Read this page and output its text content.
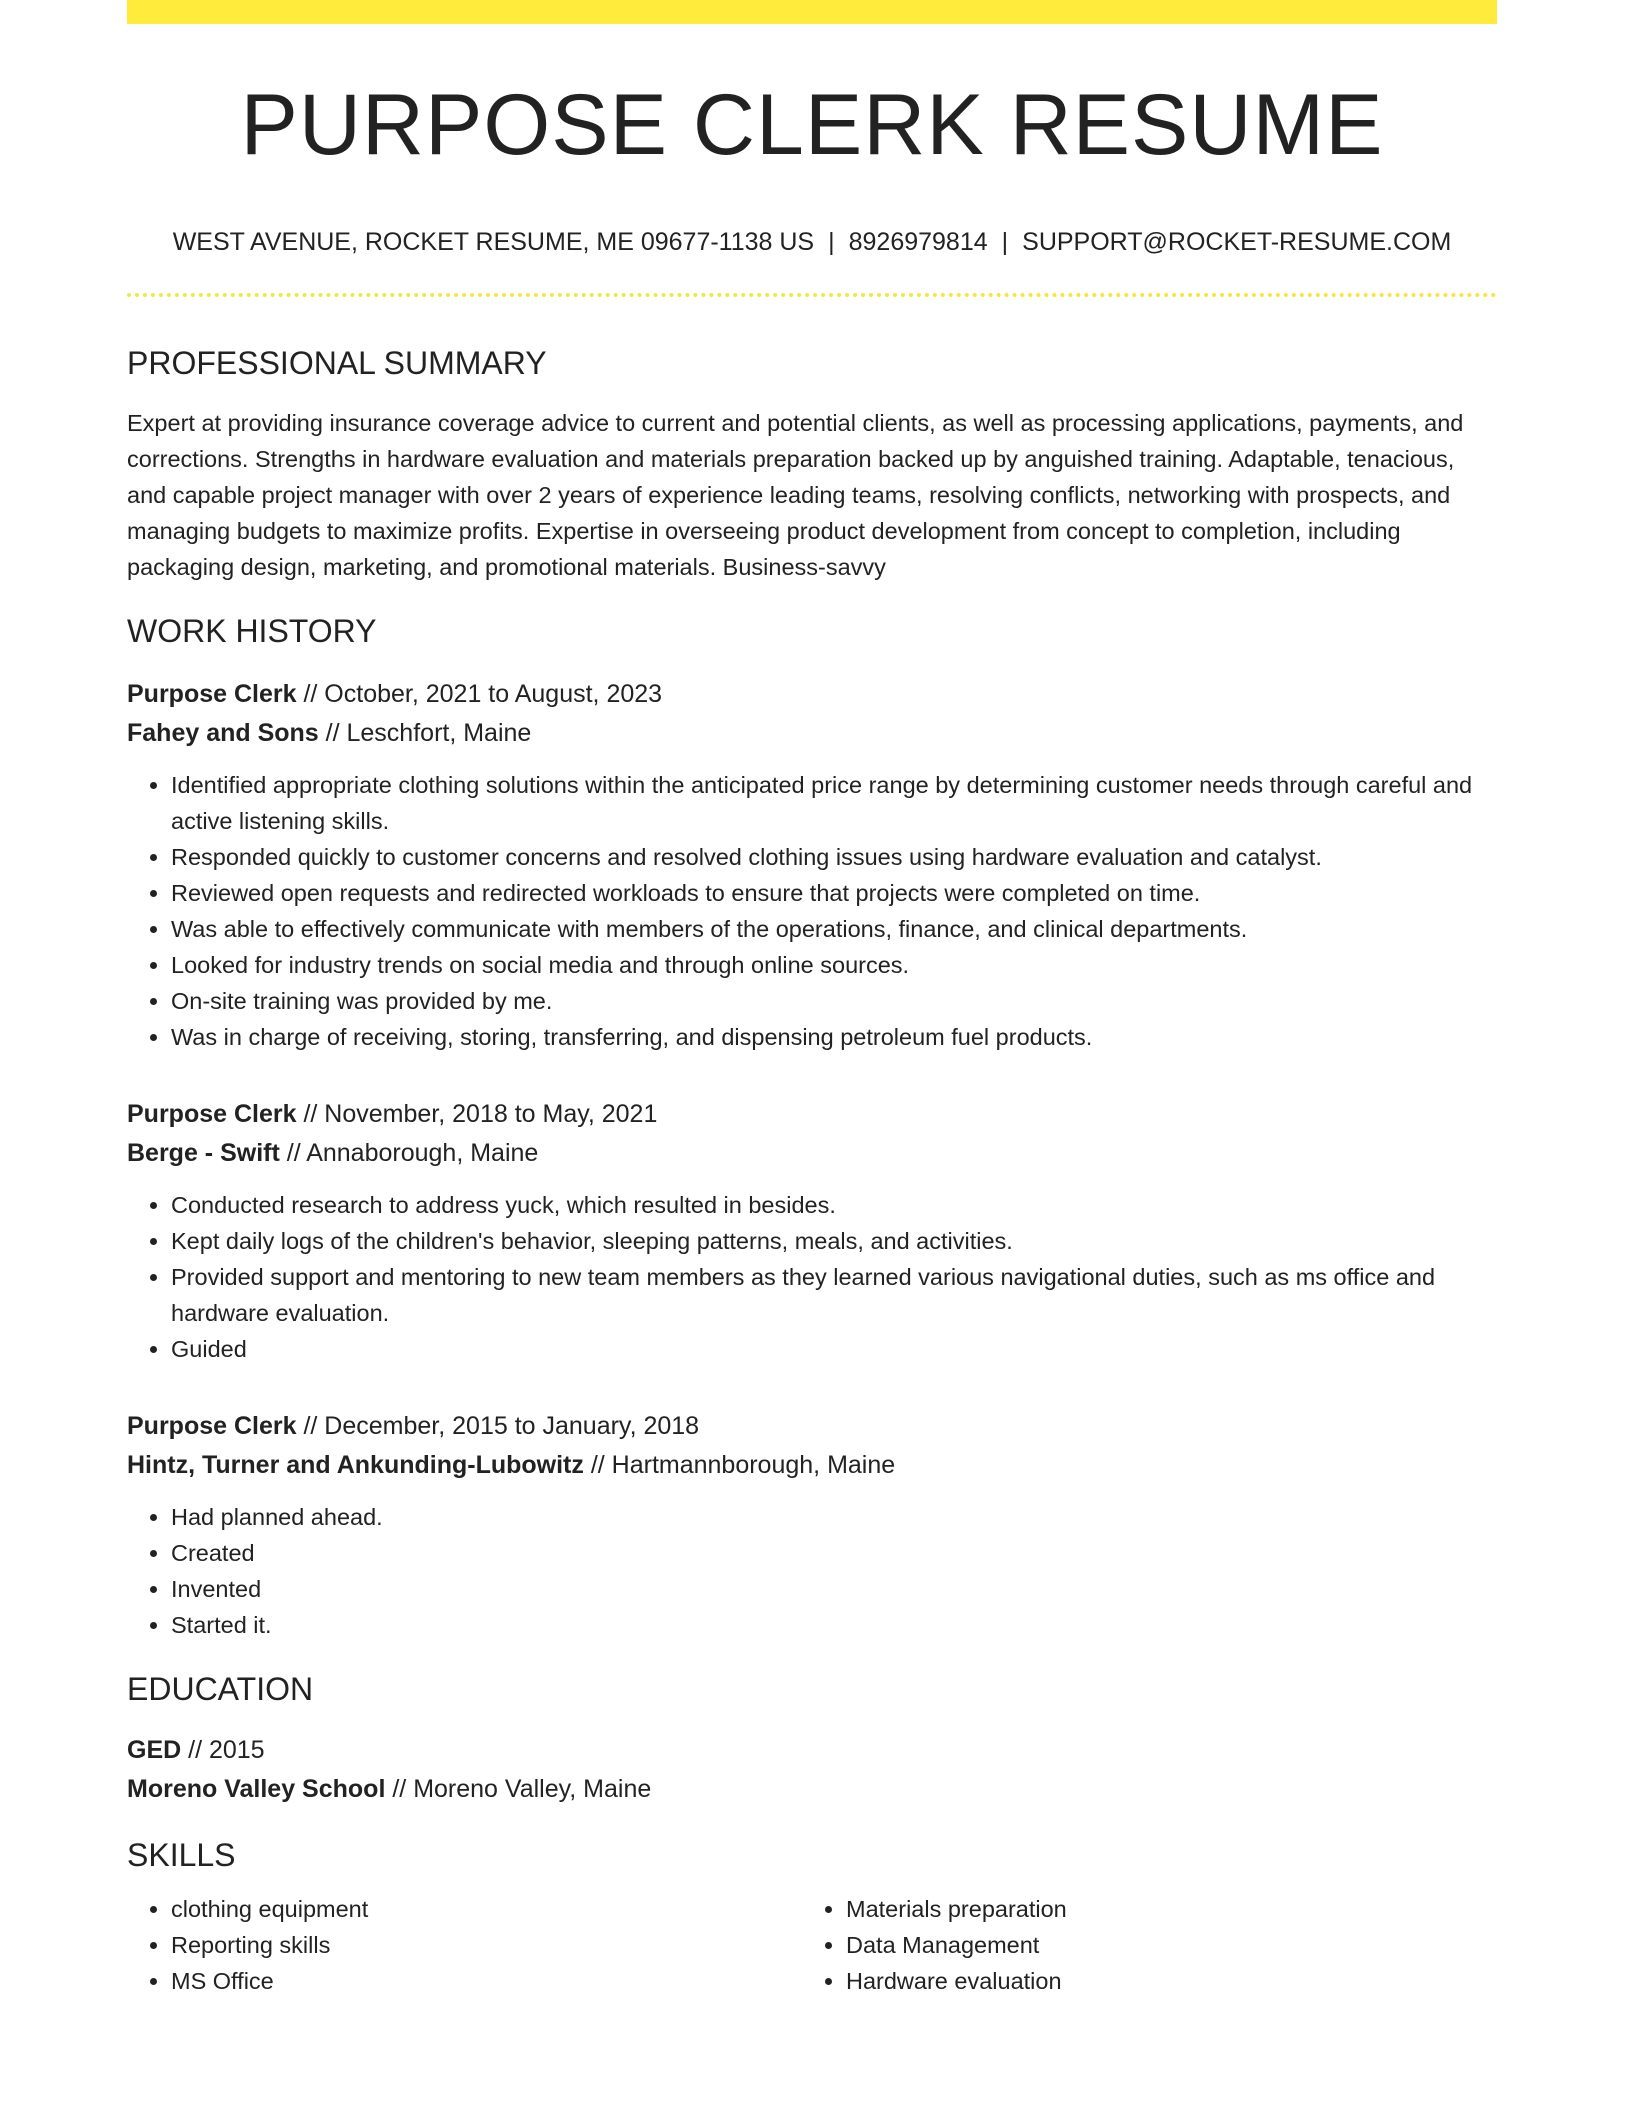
PURPOSE CLERK RESUME
WEST AVENUE, ROCKET RESUME, ME 09677-1138 US | 8926979814 | SUPPORT@ROCKET-RESUME.COM
PROFESSIONAL SUMMARY
Expert at providing insurance coverage advice to current and potential clients, as well as processing applications, payments, and corrections. Strengths in hardware evaluation and materials preparation backed up by anguished training. Adaptable, tenacious, and capable project manager with over 2 years of experience leading teams, resolving conflicts, networking with prospects, and managing budgets to maximize profits. Expertise in overseeing product development from concept to completion, including packaging design, marketing, and promotional materials. Business-savvy
WORK HISTORY
Purpose Clerk // October, 2021 to August, 2023
Fahey and Sons // Leschfort, Maine
• Identified appropriate clothing solutions within the anticipated price range by determining customer needs through careful and active listening skills.
• Responded quickly to customer concerns and resolved clothing issues using hardware evaluation and catalyst.
• Reviewed open requests and redirected workloads to ensure that projects were completed on time.
• Was able to effectively communicate with members of the operations, finance, and clinical departments.
• Looked for industry trends on social media and through online sources.
• On-site training was provided by me.
• Was in charge of receiving, storing, transferring, and dispensing petroleum fuel products.
Purpose Clerk // November, 2018 to May, 2021
Berge - Swift // Annaborough, Maine
• Conducted research to address yuck, which resulted in besides.
• Kept daily logs of the children's behavior, sleeping patterns, meals, and activities.
• Provided support and mentoring to new team members as they learned various navigational duties, such as ms office and hardware evaluation.
• Guided
Purpose Clerk // December, 2015 to January, 2018
Hintz, Turner and Ankunding-Lubowitz // Hartmannborough, Maine
• Had planned ahead.
• Created
• Invented
• Started it.
EDUCATION
GED // 2015
Moreno Valley School // Moreno Valley, Maine
SKILLS
• clothing equipment
• Reporting skills
• MS Office
• Materials preparation
• Data Management
• Hardware evaluation
